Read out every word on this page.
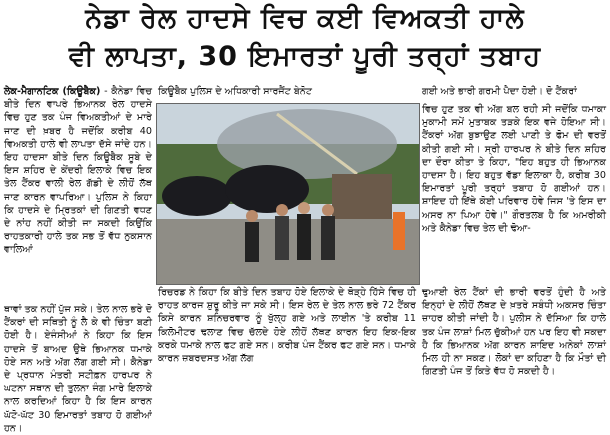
ਨੇਡਾ ਰੇਲ ਹਾਦਸੇ ਵਿਚ ਕਈ ਵਿਅਕਤੀ ਹਾਲੇ
ਵੀ ਲਾਪਤਾ, 30 ਇਮਾਰਤਾਂ ਪੂਰੀ ਤਰ੍ਹਾਂ ਤਬਾਹ

ਲੇਕ-ਮੈਗਾਨਟਿਕ (ਕਿਊਬੈਕ) - ਕੈਨੇਡਾ ਵਿਚ ਬੀਤੇ ਦਿਨ ਵਾਪਰੇ ਭਿਆਨਕ ਰੇਲ ਹਾਦਸੇ ਵਿਚ ਹੁਣ ਤਕ ਪੰਜ ਵਿਅਕਤੀਆਂ ਦੇ ਮਾਰੇ ਜਾਣ ਦੀ ਖ਼ਬਰ ਹੈ ਜਦੋਂਕਿ ਕਰੀਬ 40 ਵਿਅਕਤੀ ਹਾਲੇ ਵੀ ਲਾਪਤਾ ਦੱਸੇ ਜਾਂਦੇ ਹਨ। ਇਹ ਹਾਦਸਾ ਬੀਤੇ ਦਿਨ ਕਿਊਬੈਕ ਸੂਬੇ ਦੇ ਇਸ ਸ਼ਹਿਰ ਦੇ ਕੇਂਦਰੀ ਇਲਾਕੇ ਵਿਚ ਇਕ ਤੇਲ ਟੈਂਕਰ ਵਾਲੀ ਰੇਲ ਗੱਡੀ ਦੇ ਲੀਹੋਂ ਲੱਥ ਜਾਣ ਕਾਰਨ ਵਾਪਰਿਆ। ਪੁਲਿਸ ਨੇ ਕਿਹਾ ਕਿ ਹਾਦਸੇ ਦੇ ਮ੍ਰਿਤਕਾਂ ਦੀ ਗਿਣਤੀ ਵਧਣ ਦੇ ਨਾਂਹ ਨਹੀਂ ਕੀਤੀ ਜਾ ਸਕਦੀ ਕਿਉਂਕਿ ਰਾਹਤਕਾਰੀ ਹਾਲੇ ਤਕ ਸਭ ਤੋਂ ਵੱਧ ਨੁਕਸਾਨ ਵਾਲਿਆਂ

ਥਾਵਾਂ ਤਕ ਨਹੀਂ ਪੁੱਜ ਸਕੇ। ਤੇਲ ਨਾਲ ਭਰੇ ਦੋ ਟੈਂਕਰਾਂ ਦੀ ਸਥਿਤੀ ਨੂੰ ਲੈ ਕੇ ਵੀ ਚਿੰਤਾ ਬਣੀ ਹੋਈ ਹੈ। ਏਜੰਸੀਆਂ ਨੇ ਕਿਹਾ ਕਿ ਇਸ ਹਾਦਸੇ ਤੋਂ ਬਾਅਦ ਉਥੇ ਭਿਆਨਕ ਧਮਾਕੇ ਹੋਏ ਸਨ ਅਤੇ ਅੱਗ ਲੱਗ ਗਈ ਸੀ। ਕੈਨੇਡਾ ਦੇ ਪ੍ਰਧਾਨ ਮੰਤਰੀ ਸਟੀਫ਼ਨ ਹਾਰਪਰ ਨੇ ਘਟਨਾ ਸਥਾਨ ਦੀ ਤੁਲਨਾ ਜੰਗ ਮਾਰੇ ਇਲਾਕੇ ਨਾਲ ਕਰਦਿਆਂ ਕਿਹਾ ਹੈ ਕਿ ਇਸ ਕਾਰਨ ਘੱਟੋ-ਘੱਟ 30 ਇਮਾਰਤਾਂ ਤਬਾਹ ਹੋ ਗਈਆਂ ਹਨ।

ਕਿਊਬੈਕ ਪੁਲਿਸ ਦੇ ਅਧਿਕਾਰੀ ਸਾਰਜੈਂਟ ਬੇਨੋਟ	ਗਈ ਅਤੇ ਭਾਰੀ ਗਰਮੀ ਪੈਦਾ ਹੋਈ। ਦੋ ਟੈਂਕਰਾਂ

ਵਿਚ ਹੁਣ ਤਕ ਵੀ ਅੱਗ ਬਲ ਰਹੀ ਸੀ ਜਦੋਂਕਿ ਧਮਾਕਾ ਮੁਕਾਮੀ ਸਮੇਂ ਮੁਤਾਬਕ ਤੜਕੇ ਇਕ ਵਜੇ ਹੋਇਆ ਸੀ। ਟੈਂਕਰਾਂ ਅੱਗ ਬੁਝਾਉਣ ਲਈ ਪਾਣੀ ਤੇ ਫੋਮ ਦੀ ਵਰਤੋਂ ਕੀਤੀ ਗਈ ਸੀ। ਸ੍ਰੀ ਹਾਰਪਰ ਨੇ ਬੀਤੇ ਦਿਨ ਸ਼ਹਿਰ ਦਾ ਦੌਰਾ ਕੀਤਾ ਤੇ ਕਿਹਾ, "ਇਹ ਬਹੁਤ ਹੀ ਭਿਆਨਕ ਹਾਦਸਾ ਹੈ। ਇਹ ਬਹੁਤ ਵੱਡਾ ਇਲਾਕਾ ਹੈ, ਕਰੀਬ 30 ਇਮਾਰਤਾਂ ਪੂਰੀ ਤਰ੍ਹਾਂ ਤਬਾਹ ਹੋ ਗਈਆਂ ਹਨ। ਸ਼ਾਇਦ ਹੀ ਇੱਥੇ ਕੋਈ ਪਰਿਵਾਰ ਹੋਵੇ ਜਿਸ 'ਤੇ ਇਸ ਦਾ ਅਸਰ ਨਾ ਪਿਆ ਹੋਵੇ।" ਗੌਰਤਲਬ ਹੈ ਕਿ ਅਮਰੀਕੀ ਅਤੇ ਕੈਨੇਡਾ ਵਿਚ ਤੇਲ ਦੀ ਢੋਆ-

ਰਿਚਰਡ ਨੇ ਕਿਹਾ ਕਿ ਬੀਤੇ ਦਿਨ ਤਬਾਹ ਹੋਏ ਇਲਾਕੇ ਦੇ ਥੋੜ੍ਹੇ ਹਿੱਸੇ ਵਿਚ ਹੀ ਰਾਹਤ ਕਾਰਜ ਸ਼ੁਰੂ ਕੀਤੇ ਜਾ ਸਕੇ ਸੀ। ਇਸ ਰੇਲ ਦੇ ਤੇਲ ਨਾਲ ਭਰੇ 72 ਟੈਂਕਰ ਕਿਸੇ ਕਾਰਨ ਸ਼ਨਿਚਰਵਾਰ ਨੂੰ ਖੁੱਲ੍ਹ ਗਏ ਅਤੇ ਲਾਈਨ 'ਤੇ ਕਰੀਬ 11 ਕਿਲੋਮੀਟਰ ਢਲਾਣ ਵਿਚ ਚੱਲਦੇ ਹੋਏ ਲੀਹੋਂ ਲੱਥਣ ਕਾਰਨ ਇਹ ਇਕ-ਇਕ ਕਰਕੇ ਧਮਾਕੇ ਨਾਲ ਫਟ ਗਏ ਸਨ। ਕਰੀਬ ਪੰਜ ਟੈਂਕਰ ਫਟ ਗਏ ਸਨ। ਧਮਾਕੇ ਕਾਰਨ ਜ਼ਬਰਦਸਤ ਅੱਗ ਲੱਗ

ਢੁਆਈ ਰੇਲ ਟੈਂਕਾਂ ਦੀ ਭਾਰੀ ਵਰਤੋਂ ਹੁੰਦੀ ਹੈ ਅਤੇ ਇਨ੍ਹਾਂ ਦੇ ਲੀਹੋਂ ਲੱਥਣ ਦੇ ਖ਼ਤਰੇ ਸਬੰਧੀ ਅਕਸਰ ਚਿੰਤਾ ਜ਼ਾਹਰ ਕੀਤੀ ਜਾਂਦੀ ਹੈ। ਪੁਲੀਸ ਨੇ ਦੱਸਿਆ ਕਿ ਹਾਲੇ ਤਕ ਪੰਜ ਲਾਸ਼ਾਂ ਮਿਲ ਚੁੱਕੀਆਂ ਹਨ ਪਰ ਇਹ ਵੀ ਸਕਦਾ ਹੈ ਕਿ ਭਿਆਨਕ ਅੱਗ ਕਾਰਨ ਸ਼ਾਇਦ ਅਨੇਕਾਂ ਲਾਸ਼ਾਂ ਮਿਲ ਹੀ ਨਾ ਸਕਣ। ਲੋਕਾਂ ਦਾ ਕਹਿਣਾ ਹੈ ਕਿ ਮੌਤਾਂ ਦੀ ਗਿਣਤੀ ਪੰਜ ਤੋਂ ਕਿਤੇ ਵੱਧ ਹੋ ਸਕਦੀ ਹੈ।
